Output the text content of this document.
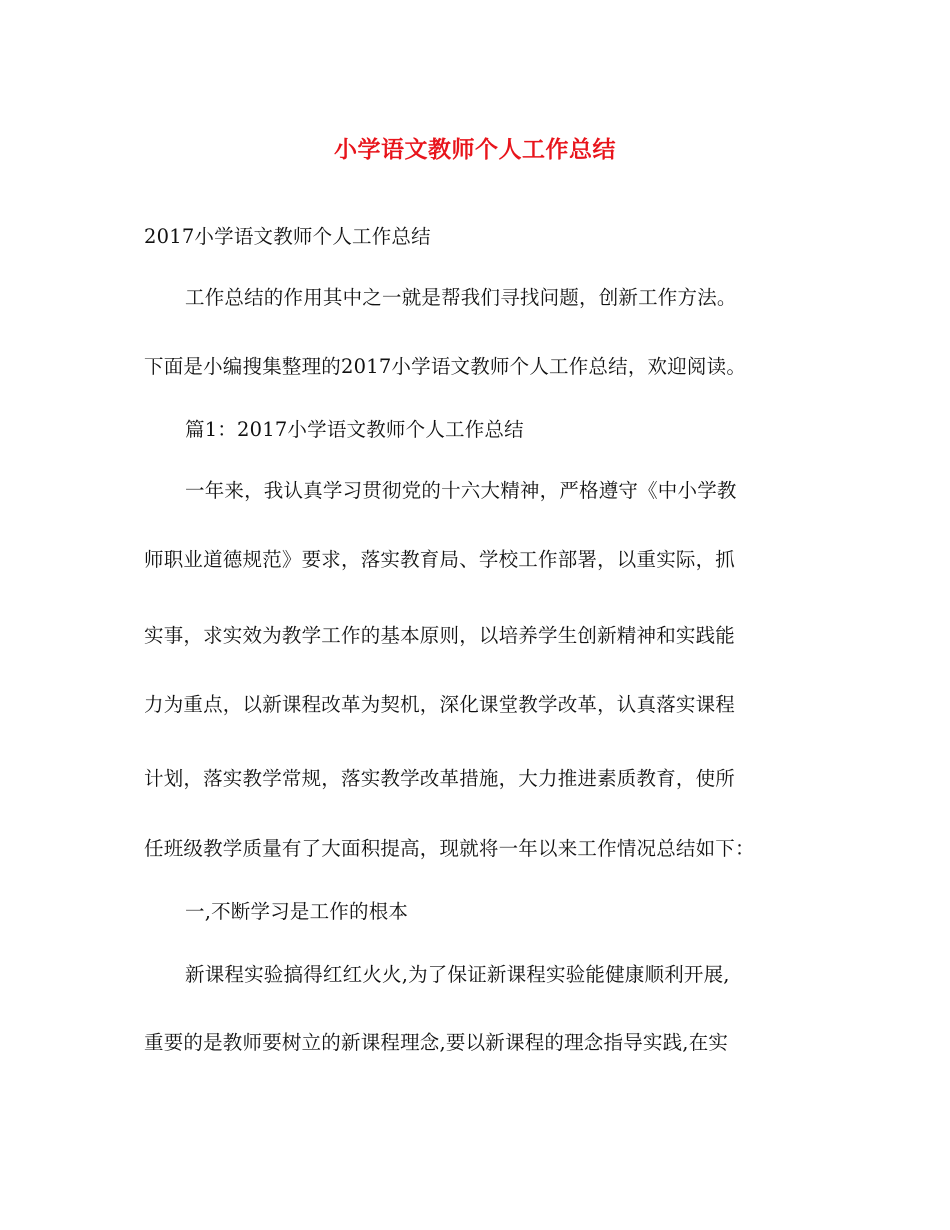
小学语文教师个人工作总结
2017小学语文教师个人工作总结
工作总结的作用其中之一就是帮我们寻找问题，创新工作方法。
下面是小编搜集整理的2017小学语文教师个人工作总结，欢迎阅读。
篇1：2017小学语文教师个人工作总结
一年来，我认真学习贯彻党的十六大精神，严格遵守《中小学教
师职业道德规范》要求，落实教育局、学校工作部署，以重实际，抓
实事，求实效为教学工作的基本原则，以培养学生创新精神和实践能
力为重点，以新课程改革为契机，深化课堂教学改革，认真落实课程
计划，落实教学常规，落实教学改革措施，大力推进素质教育，使所
任班级教学质量有了大面积提高，现就将一年以来工作情况总结如下：
一,不断学习是工作的根本
新课程实验搞得红红火火,为了保证新课程实验能健康顺利开展,
重要的是教师要树立的新课程理念,要以新课程的理念指导实践,在实
